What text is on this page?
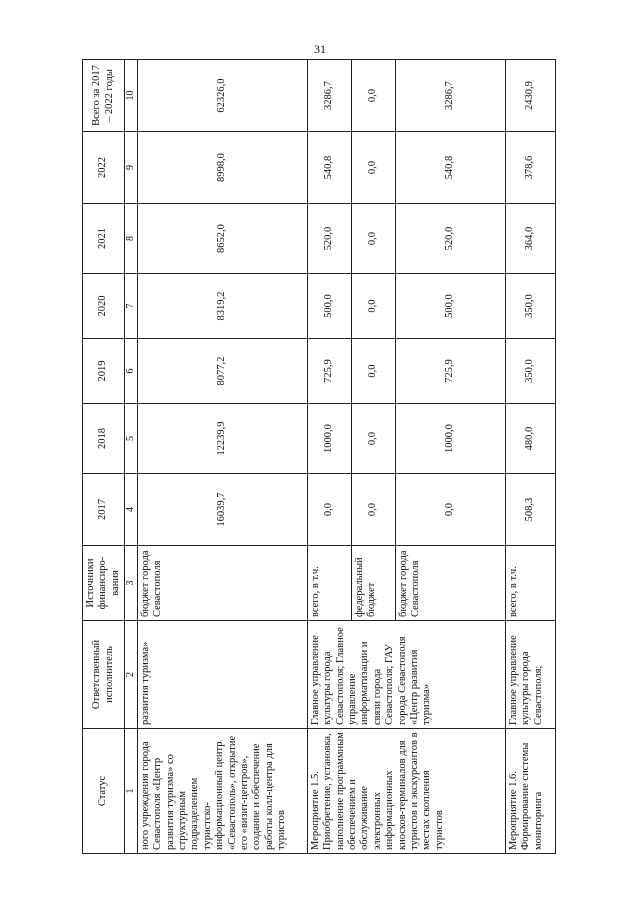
31
Статус	Ответственный исполнитель	Источники финансиро-вания	2017	2018	2019	2020	2021	2022	Всего за 2017 – 2022 годы
1	2	3	4	5	6	7	8	9	10
ного учреждения города Севастополя «Центр развития туризма» со структурным подразделением туристско-информационный центр «Севастополь», открытие его «визит-центров», создание и обеспечение работы колл-центра для туристов	развития туризма»	бюджет города Севастополя	16039,7	12239,9	8077,2	8319,2	8652,0	8998,0	62326,0
Мероприятие 1.5. Приобретение, установка, наполнение программным обеспечением и обслуживание электронных информационных киосков-терминалов для туристов и экскурсантов в местах скопления туристов	Главное управление культуры города Севастополя; Главное управление информатизации и связи города Севастополя; ГАУ города Севастополя «Центр развития туризма»	всего, в т.ч.	0,0	1000,0	725,9	500,0	520,0	540,8	3286,7
		федеральный бюджет	0,0	0,0	0,0	0,0	0,0	0,0	0,0
		бюджет города Севастополя	0,0	1000,0	725,9	500,0	520,0	540,8	3286,7
Мероприятие 1.6. Формирование системы мониторинга	Главное управление культуры города Севастополя;	всего, в т.ч.	508,3	480,0	350,0	350,0	364,0	378,6	2430,9
